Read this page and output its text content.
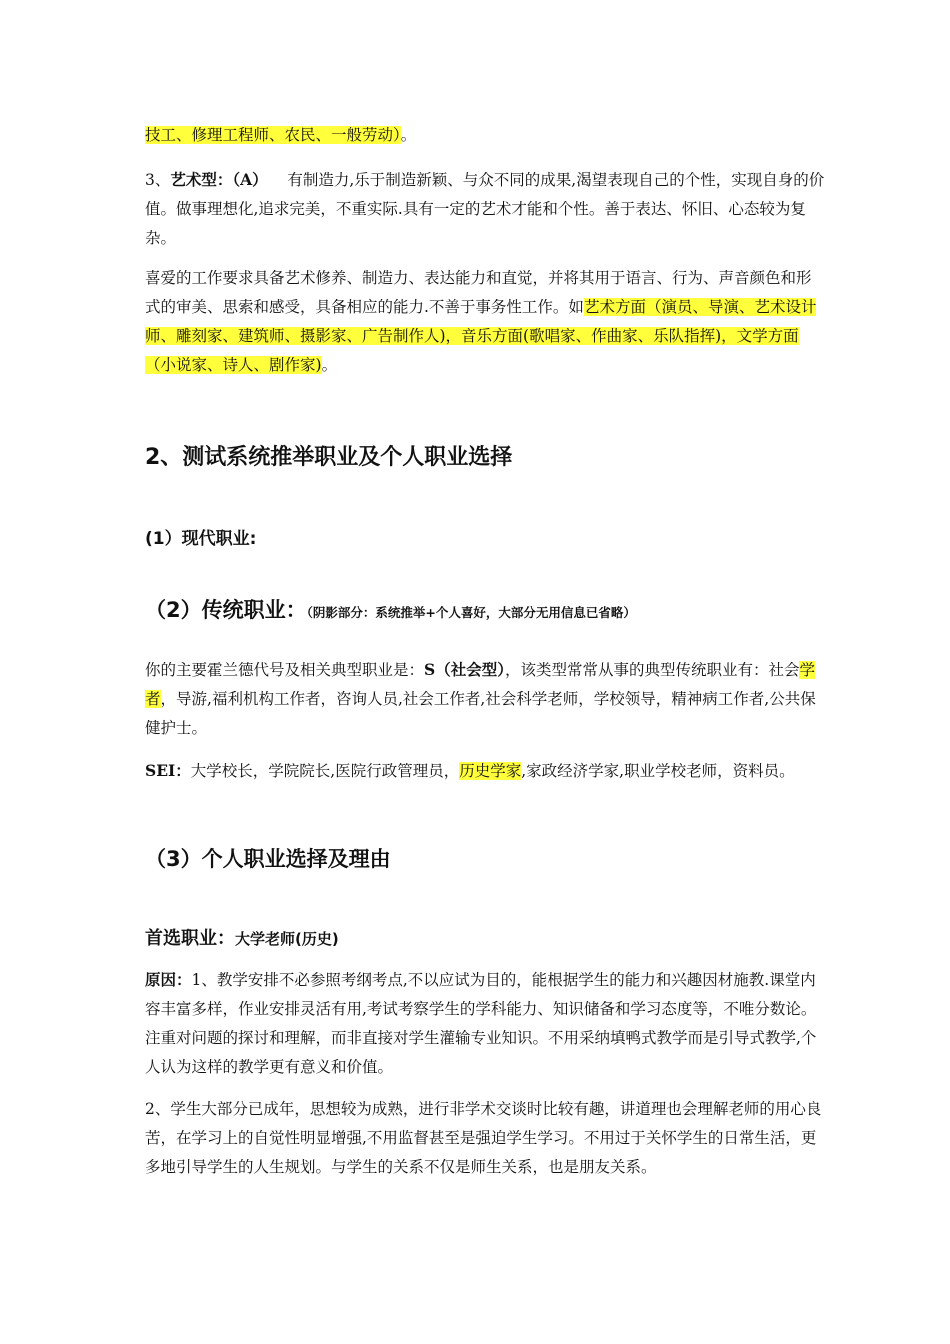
技工、修理工程师、农民、一般劳动）。
3、艺术型：（A） 有制造力,乐于制造新颖、与众不同的成果,渴望表现自己的个性，实现自身的价值。做事理想化,追求完美，不重实际.具有一定的艺术才能和个性。善于表达、怀旧、心态较为复杂。
喜爱的工作要求具备艺术修养、制造力、表达能力和直觉，并将其用于语言、行为、声音颜色和形式的审美、思索和感受，具备相应的能力.不善于事务性工作。如艺术方面（演员、导演、艺术设计师、雕刻家、建筑师、摄影家、广告制作人)，音乐方面(歌唱家、作曲家、乐队指挥)，文学方面（小说家、诗人、剧作家)。
2、测试系统推举职业及个人职业选择
(1）现代职业:
（2）传统职业：（阴影部分：系统推举+个人喜好，大部分无用信息已省略）
你的主要霍兰德代号及相关典型职业是：S（社会型），该类型常常从事的典型传统职业有：社会学者，导游,福利机构工作者，咨询人员,社会工作者,社会科学老师，学校领导，精神病工作者,公共保健护士。
SEI：大学校长，学院院长,医院行政管理员，历史学家,家政经济学家,职业学校老师，资料员。
（3）个人职业选择及理由
首选职业：大学老师(历史)
原因：1、教学安排不必参照考纲考点,不以应试为目的，能根据学生的能力和兴趣因材施教.课堂内容丰富多样，作业安排灵活有用,考试考察学生的学科能力、知识储备和学习态度等，不唯分数论。注重对问题的探讨和理解，而非直接对学生灌输专业知识。不用采纳填鸭式教学而是引导式教学,个人认为这样的教学更有意义和价值。
2、学生大部分已成年，思想较为成熟，进行非学术交谈时比较有趣，讲道理也会理解老师的用心良苦，在学习上的自觉性明显增强,不用监督甚至是强迫学生学习。不用过于关怀学生的日常生活，更多地引导学生的人生规划。与学生的关系不仅是师生关系，也是朋友关系。
